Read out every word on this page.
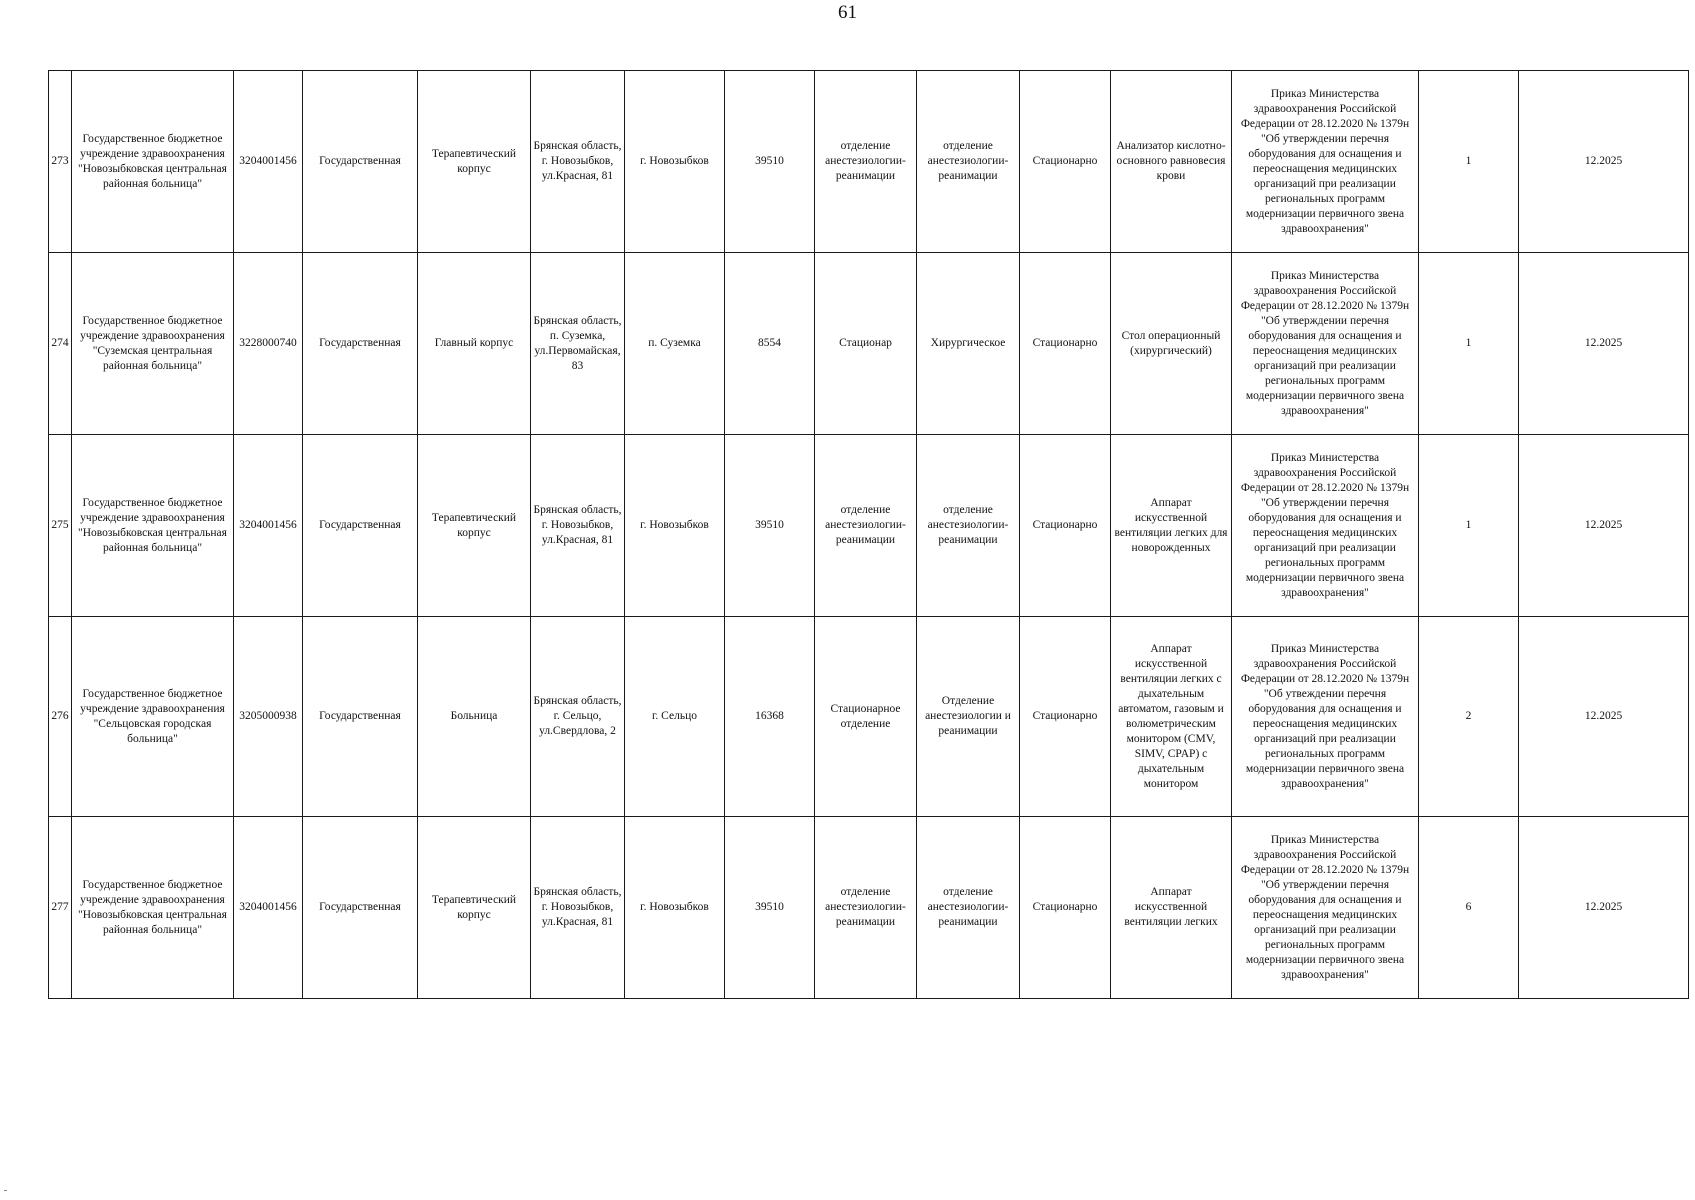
61
273	Государственное бюджетное учреждение здравоохранения "Новозыбковская центральная районная больница"	3204001456	Государственная	Терапевтический корпус	Брянская область, г. Новозыбков, ул.Красная, 81	г. Новозыбков	39510	отделение анестезиологии-реанимации	отделение анестезиологии-реанимации	Стационарно	Анализатор кислотно-основного равновесия крови	Приказ Министерства здравоохранения Российской Федерации от 28.12.2020 № 1379н "Об утверждении перечня оборудования для оснащения и переоснащения медицинских организаций при реализации региональных программ модернизации первичного звена здравоохранения"	1	12.2025
274	Государственное бюджетное учреждение здравоохранения "Суземская центральная районная больница"	3228000740	Государственная	Главный корпус	Брянская область, п. Суземка, ул.Первомайская, 83	п. Суземка	8554	Стационар	Хирургическое	Стационарно	Стол операционный (хирургический)	Приказ Министерства здравоохранения Российской Федерации от 28.12.2020 № 1379н "Об утверждении перечня оборудования для оснащения и переоснащения медицинских организаций при реализации региональных программ модернизации первичного звена здравоохранения"	1	12.2025
275	Государственное бюджетное учреждение здравоохранения "Новозыбковская центральная районная больница"	3204001456	Государственная	Терапевтический корпус	Брянская область, г. Новозыбков, ул.Красная, 81	г. Новозыбков	39510	отделение анестезиологии-реанимации	отделение анестезиологии-реанимации	Стационарно	Аппарат искусственной вентиляции легких для новорожденных	Приказ Министерства здравоохранения Российской Федерации от 28.12.2020 № 1379н "Об утверждении перечня оборудования для оснащения и переоснащения медицинских организаций при реализации региональных программ модернизации первичного звена здравоохранения"	1	12.2025
276	Государственное бюджетное учреждение здравоохранения "Сельцовская городская больница"	3205000938	Государственная	Больница	Брянская область, г. Сельцо, ул.Свердлова, 2	г. Сельцо	16368	Стационарное отделение	Отделение анестезиологии и реанимации	Стационарно	Аппарат искусственной вентиляции легких с дыхательным автоматом, газовым и волюметрическим монитором (CMV, SIMV, CPAP) с дыхательным монитором	Приказ Министерства здравоохранения Российской Федерации от 28.12.2020 № 1379н "Об утвеждении перечня оборудования для оснащения и переоснащения медицинских организаций при реализации региональных программ модернизации первичного звена здравоохранения"	2	12.2025
277	Государственное бюджетное учреждение здравоохранения "Новозыбковская центральная районная больница"	3204001456	Государственная	Терапевтический корпус	Брянская область, г. Новозыбков, ул.Красная, 81	г. Новозыбков	39510	отделение анестезиологии-реанимации	отделение анестезиологии-реанимации	Стационарно	Аппарат искусственной вентиляции легких	Приказ Министерства здравоохранения Российской Федерации от 28.12.2020 № 1379н "Об утверждении перечня оборудования для оснащения и переоснащения медицинских организаций при реализации региональных программ модернизации первичного звена здравоохранения"	6	12.2025
